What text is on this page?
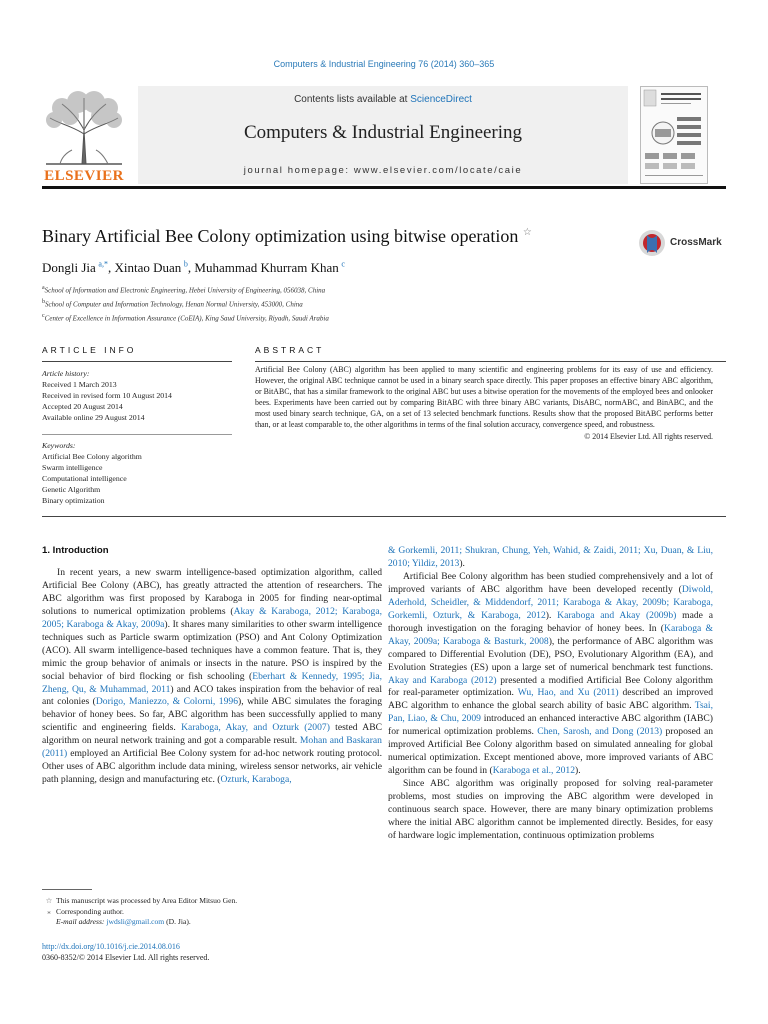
Computers & Industrial Engineering 76 (2014) 360–365
ELSEVIER
Contents lists available at ScienceDirect
Computers & Industrial Engineering
journal homepage: www.elsevier.com/locate/caie
Binary Artificial Bee Colony optimization using bitwise operation ☆
CrossMark
Dongli Jia  $^{a,*}$, Xintao Duan  $^b$, Muhammad Khurram Khan  $^c$
$^a$School of Information and Electronic Engineering, Hebei University of Engineering, 056038, China
$^b$School of Computer and Information Technology, Henan Normal University, 453000, China
$^c$Center of Excellence in Information Assurance (CoEIA), King Saud University, Riyadh, Saudi Arabia
ARTICLE INFO	ABSTRACT
Article history:
Received 1 March 2013
Received in revised form 10 August 2014
Accepted 20 August 2014
Available online 29 August 2014
Keywords:
Artificial Bee Colony algorithm
Swarm intelligence
Computational intelligence
Genetic Algorithm
Binary optimization
Artificial Bee Colony (ABC) algorithm has been applied to many scientific and engineering problems for its easy of use and efficiency. However, the original ABC technique cannot be used in a binary search space directly. This paper proposes an effective binary ABC algorithm, or BitABC, that has a similar framework to the original ABC but uses a bitwise operation for the movements of the employed bees and onlooker bees. Experiments have been carried out by comparing BitABC with three binary ABC variants, DisABC, normABC, and BinABC, and the most used binary search technique, GA, on a set of 13 selected benchmark functions. Results show that the proposed BitABC performs better than, or at least comparable to, the other algorithms in terms of the final solution accuracy, convergence speed, and robustness.
© 2014 Elsevier Ltd. All rights reserved.
1. Introduction

In recent years, a new swarm intelligence-based optimization algorithm, called Artificial Bee Colony (ABC), has greatly attracted the attention of researchers. The ABC algorithm was first proposed by Karaboga in 2005 for finding near-optimal solutions to numerical optimization problems (Akay & Karaboga, 2012; Karaboga, 2005; Karaboga & Akay, 2009a). It shares many similarities to other swarm intelligence techniques such as Particle swarm optimization (PSO) and Ant Colony Optimization (ACO). All swarm intelligence-based techniques have a common feature. That is, they mimic the group behavior of animals or insects in the nature. PSO is inspired by the social behavior of bird flocking or fish schooling (Eberhart & Kennedy, 1995; Jia, Zheng, Qu, & Muhammad, 2011) and ACO takes inspiration from the behavior of real ant colonies (Dorigo, Maniezzo, & Colorni, 1996), while ABC simulates the foraging behavior of honey bees. So far, ABC algorithm has been successfully applied to many scientific and engineering fields. Karaboga, Akay, and Ozturk (2007) tested ABC algorithm on neural network training and got a comparable result. Mohan and Baskaran (2011) employed an Artificial Bee Colony system for ad-hoc network routing protocol. Other uses of ABC algorithm include data mining, wireless sensor networks, air vehicle path planning, design and manufacturing etc. (Ozturk, Karaboga,

& Gorkemli, 2011; Shukran, Chung, Yeh, Wahid, & Zaidi, 2011; Xu, Duan, & Liu, 2010; Yildiz, 2013).

Artificial Bee Colony algorithm has been studied comprehensively and a lot of improved variants of ABC algorithm have been developed recently (Diwold, Aderhold, Scheidler, & Middendorf, 2011; Karaboga & Akay, 2009b; Karaboga, Gorkemli, Ozturk, & Karaboga, 2012). Karaboga and Akay (2009b) made a thorough investigation on the foraging behavior of honey bees. In (Karaboga & Akay, 2009a; Karaboga & Basturk, 2008), the performance of ABC algorithm was compared to Differential Evolution (DE), PSO, Evolutionary Algorithm (EA), and Evolution Strategies (ES) upon a large set of numerical benchmark test functions. Akay and Karaboga (2012) presented a modified Artificial Bee Colony algorithm for real-parameter optimization. Wu, Hao, and Xu (2011) described an improved ABC algorithm to enhance the global search ability of basic ABC algorithm. Tsai, Pan, Liao, & Chu, 2009 introduced an enhanced interactive ABC algorithm (IABC) for numerical optimization problems. Chen, Sarosh, and Dong (2013) proposed an improved Artificial Bee Colony algorithm based on simulated annealing for global numerical optimization. Except mentioned above, more improved variants of ABC algorithm can be found in (Karaboga et al., 2012).

Since ABC algorithm was originally proposed for solving real-parameter problems, most studies on improving the ABC algorithm were developed in continuous search space. However, there are many binary optimization problems where the initial ABC algorithm cannot be implemented directly. Besides, for easy of hardware logic implementation, continuous optimization problems

☆ This manuscript was processed by Area Editor Mitsuo Gen.
⁎ Corresponding author.
E-mail address: jwdsli@gmail.com (D. Jia).
http://dx.doi.org/10.1016/j.cie.2014.08.016
0360-8352/© 2014 Elsevier Ltd. All rights reserved.
